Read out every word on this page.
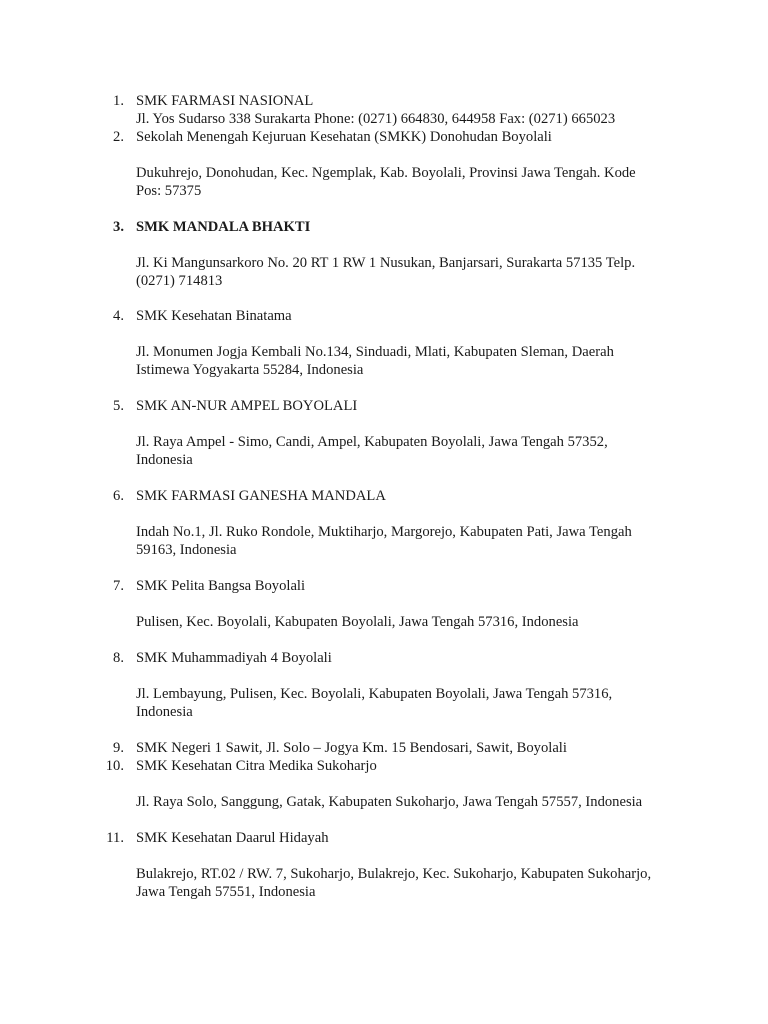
1. SMK FARMASI NASIONAL
Jl. Yos Sudarso 338 Surakarta Phone: (0271) 664830, 644958 Fax: (0271) 665023
2. Sekolah Menengah Kejuruan Kesehatan (SMKK) Donohudan Boyolali
Dukuhrejo, Donohudan, Kec. Ngemplak, Kab. Boyolali, Provinsi Jawa Tengah. Kode
Pos: 57375
3. SMK MANDALA BHAKTI
Jl. Ki Mangunsarkoro No. 20 RT 1 RW 1 Nusukan, Banjarsari, Surakarta 57135 Telp.
(0271) 714813
4. SMK Kesehatan Binatama
Jl. Monumen Jogja Kembali No.134, Sinduadi, Mlati, Kabupaten Sleman, Daerah
Istimewa Yogyakarta 55284, Indonesia
5. SMK AN-NUR AMPEL BOYOLALI
Jl. Raya Ampel - Simo, Candi, Ampel, Kabupaten Boyolali, Jawa Tengah 57352,
Indonesia
6. SMK FARMASI GANESHA MANDALA
Indah No.1, Jl. Ruko Rondole, Muktiharjo, Margorejo, Kabupaten Pati, Jawa Tengah
59163, Indonesia
7. SMK Pelita Bangsa Boyolali
Pulisen, Kec. Boyolali, Kabupaten Boyolali, Jawa Tengah 57316, Indonesia
8. SMK Muhammadiyah 4 Boyolali
Jl. Lembayung, Pulisen, Kec. Boyolali, Kabupaten Boyolali, Jawa Tengah 57316,
Indonesia
9. SMK Negeri 1 Sawit, Jl. Solo – Jogya Km. 15 Bendosari, Sawit, Boyolali
10. SMK Kesehatan Citra Medika Sukoharjo
Jl. Raya Solo, Sanggung, Gatak, Kabupaten Sukoharjo, Jawa Tengah 57557, Indonesia
11. SMK Kesehatan Daarul Hidayah
Bulakrejo, RT.02 / RW. 7, Sukoharjo, Bulakrejo, Kec. Sukoharjo, Kabupaten Sukoharjo,
Jawa Tengah 57551, Indonesia
